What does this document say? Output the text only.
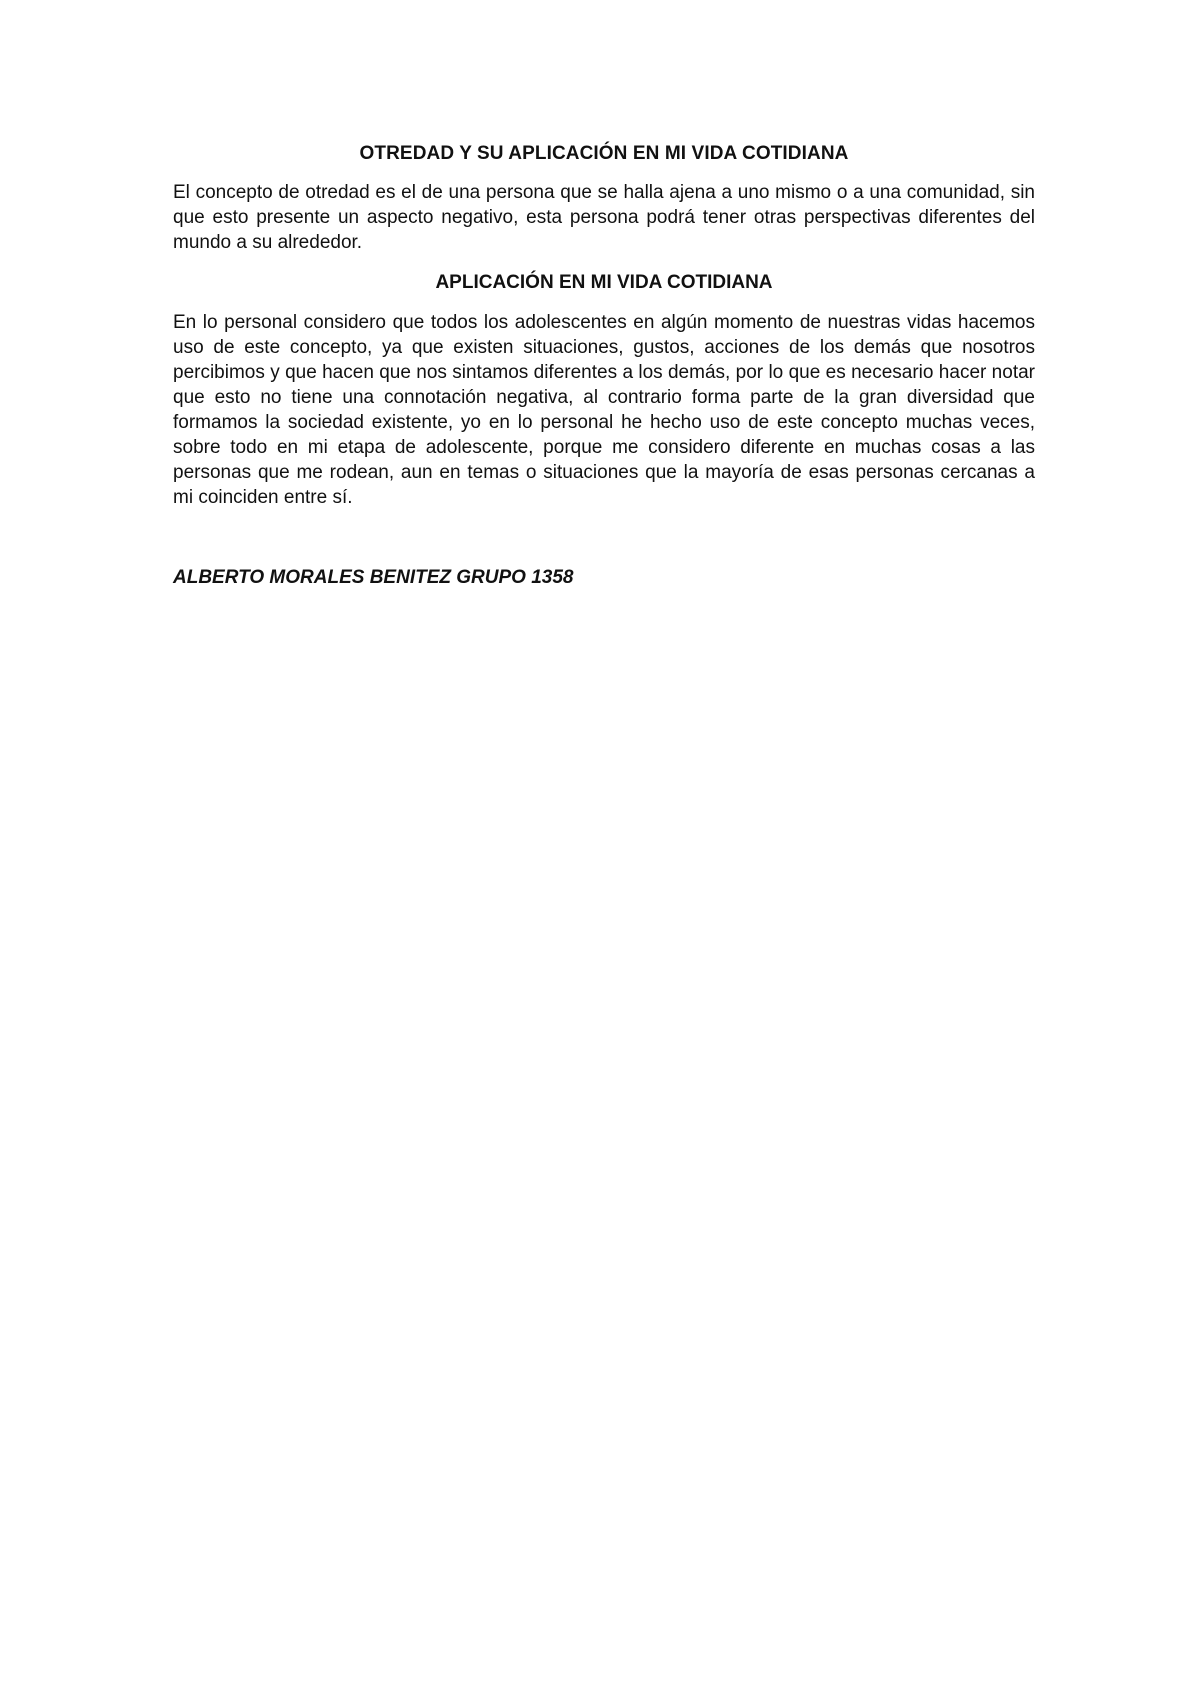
OTREDAD Y SU APLICACIÓN EN MI VIDA COTIDIANA

El concepto de otredad es el de una persona que se halla ajena a uno mismo o a una comunidad, sin que esto presente un aspecto negativo, esta persona podrá tener otras perspectivas diferentes del mundo a su alrededor.

APLICACIÓN EN MI VIDA COTIDIANA

En lo personal considero que todos los adolescentes en algún momento de nuestras vidas hacemos uso de este concepto, ya que existen situaciones, gustos, acciones de los demás que nosotros percibimos y que hacen que nos sintamos diferentes a los demás, por lo que es necesario hacer notar que esto no tiene una connotación negativa, al contrario forma parte de la gran diversidad que formamos la sociedad existente, yo en lo personal he hecho uso de este concepto muchas veces, sobre todo en mi etapa de adolescente, porque me considero diferente en muchas cosas a las personas que me rodean, aun en temas o situaciones que la mayoría de esas personas cercanas a mi coinciden entre sí.

ALBERTO MORALES BENITEZ GRUPO 1358
